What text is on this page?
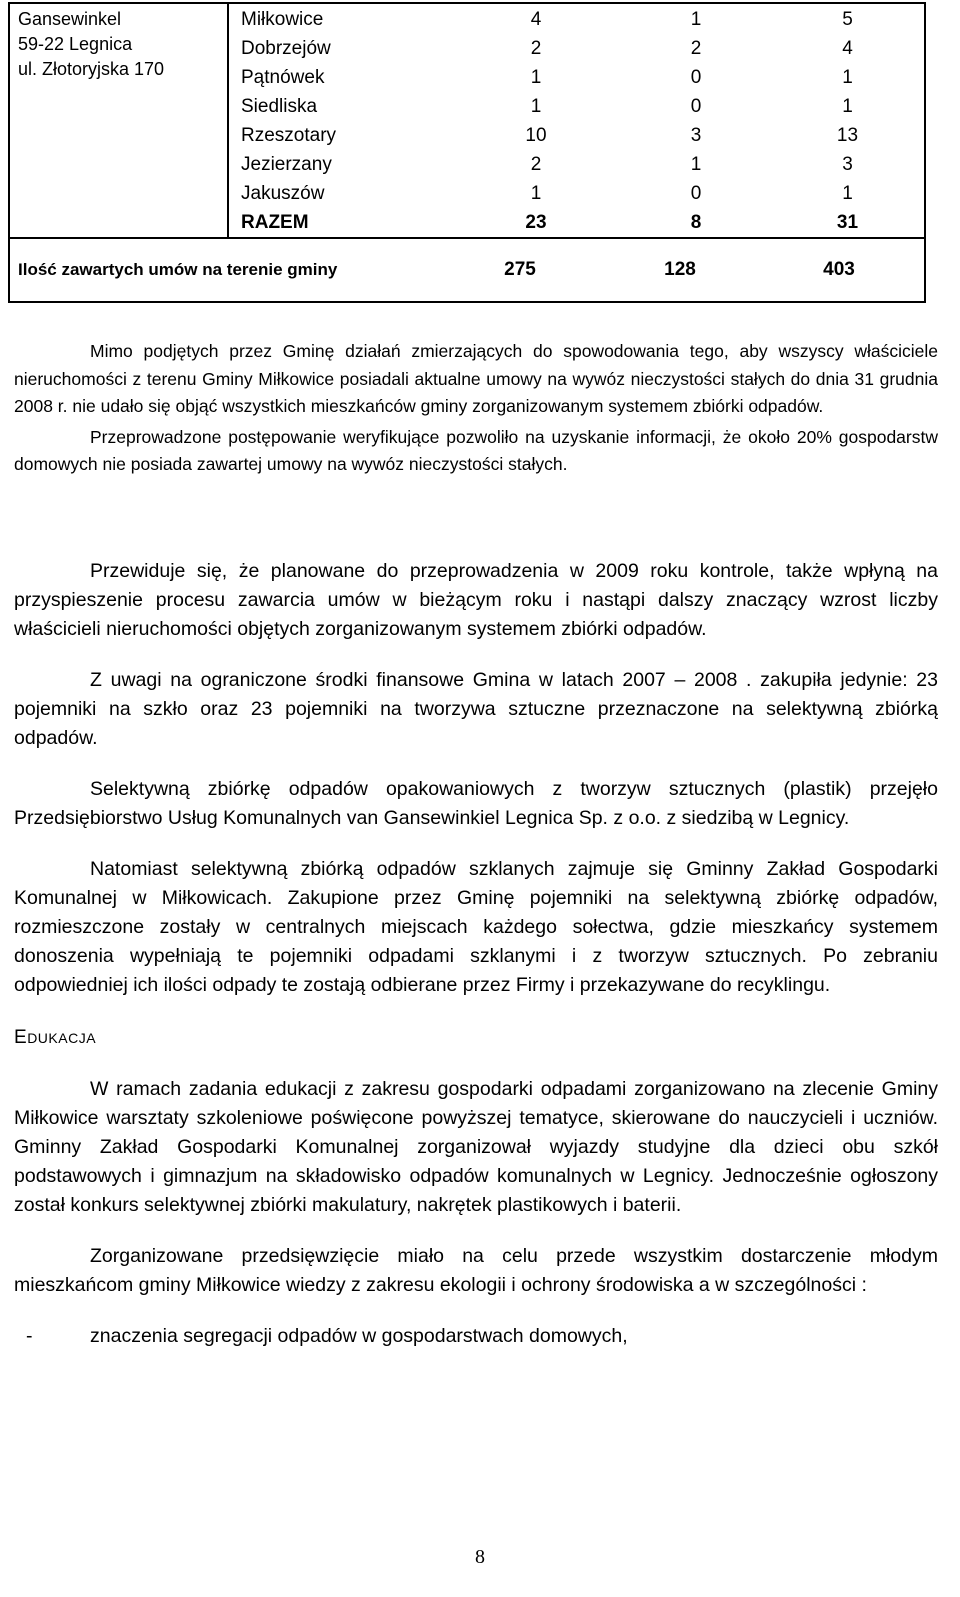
Gansewinkel
59-22 Legnica
ul. Złotoryjska 170

Miłkowice	4	1	5
Dobrzejów	2	2	4
Pątnówek	1	0	1
Siedliska	1	0	1
Rzeszotary	10	3	13
Jezierzany	2	1	3
Jakuszów	1	0	1
RAZEM	23	8	31

Ilość zawartych umów na terenie gminy	275	128	403

Mimo podjętych przez Gminę działań zmierzających do spowodowania tego, aby wszyscy właściciele nieruchomości z terenu Gminy Miłkowice posiadali aktualne umowy na wywóz nieczystości stałych do dnia 31 grudnia 2008 r. nie udało się objąć wszystkich mieszkańców gminy zorganizowanym systemem zbiórki odpadów.

Przeprowadzone postępowanie weryfikujące pozwoliło na uzyskanie informacji, że około 20% gospodarstw domowych nie posiada zawartej umowy na wywóz nieczystości stałych.

Przewiduje się, że planowane do przeprowadzenia w 2009 roku kontrole, także wpłyną na przyspieszenie procesu zawarcia umów w bieżącym roku i nastąpi dalszy znaczący wzrost liczby właścicieli nieruchomości objętych zorganizowanym systemem zbiórki odpadów.

Z uwagi na ograniczone środki finansowe Gmina w latach 2007 – 2008 . zakupiła jedynie: 23 pojemniki na szkło oraz 23 pojemniki na tworzywa sztuczne przeznaczone na selektywną zbiórką odpadów.

Selektywną zbiórkę odpadów opakowaniowych z tworzyw sztucznych (plastik) przejęło Przedsiębiorstwo Usług Komunalnych van Gansewinkiel Legnica Sp. z o.o. z siedzibą w Legnicy.

Natomiast selektywną zbiórką odpadów szklanych zajmuje się Gminny Zakład Gospodarki Komunalnej w Miłkowicach. Zakupione przez Gminę pojemniki na selektywną zbiórkę odpadów, rozmieszczone zostały w centralnych miejscach każdego sołectwa, gdzie mieszkańcy systemem donoszenia wypełniają te pojemniki odpadami szklanymi i z tworzyw sztucznych. Po zebraniu odpowiedniej ich ilości odpady te zostają odbierane przez Firmy i przekazywane do recyklingu.

EDUKACJA

W ramach zadania edukacji z zakresu gospodarki odpadami zorganizowano na zlecenie Gminy Miłkowice warsztaty szkoleniowe poświęcone powyższej tematyce, skierowane do nauczycieli i uczniów. Gminny Zakład Gospodarki Komunalnej zorganizował wyjazdy studyjne dla dzieci obu szkół podstawowych i gimnazjum na składowisko odpadów komunalnych w Legnicy. Jednocześnie ogłoszony został konkurs selektywnej zbiórki makulatury, nakrętek plastikowych i baterii.

Zorganizowane przedsięwzięcie miało na celu przede wszystkim dostarczenie młodym mieszkańcom gminy Miłkowice wiedzy z zakresu ekologii i ochrony środowiska a w szczególności :

-	znaczenia segregacji odpadów w gospodarstwach domowych,
8
